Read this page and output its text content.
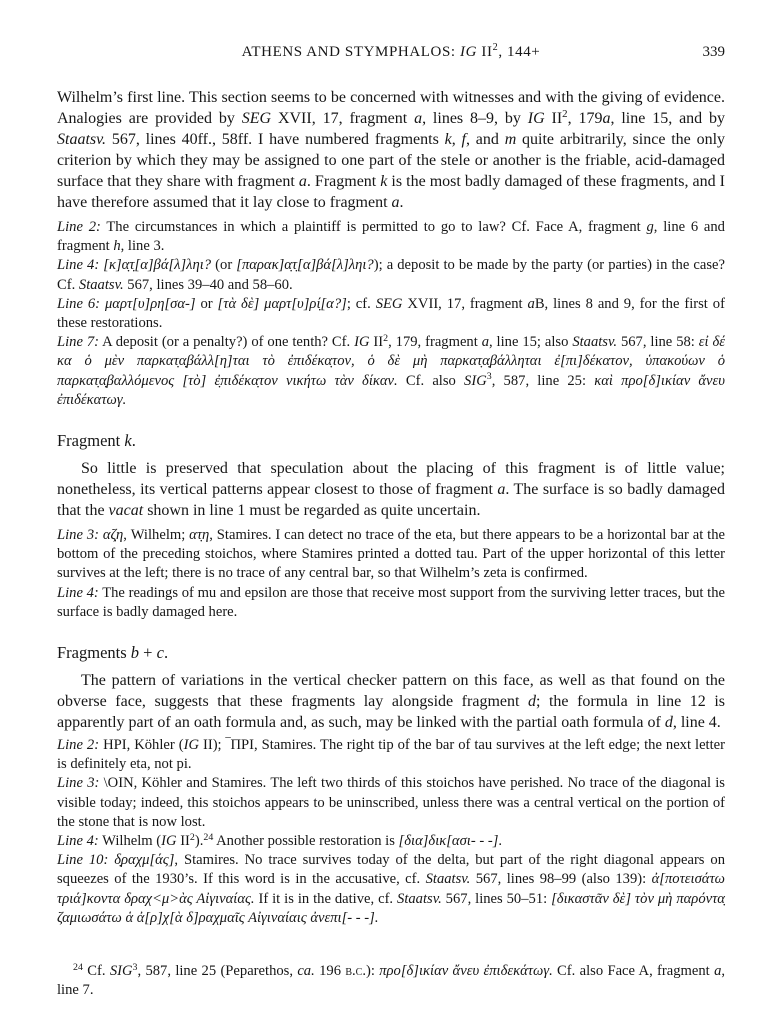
ATHENS AND STYMPHALOS: IG $II^2$, 144+	339

Wilhelm’s first line. This section seems to be concerned with witnesses and with the giving of evidence. Analogies are provided by SEG XVII, 17, fragment a, lines 8–9, by IG $II^2$, 179a, line 15, and by Staatsv. 567, lines 40ff., 58ff. I have numbered fragments k, f, and m quite arbitrarily, since the only criterion by which they may be assigned to one part of the stele or another is the friable, acid-damaged surface that they share with fragment a. Fragment k is the most badly damaged of these fragments, and I have therefore assumed that it lay close to fragment a.

Line 2: The circumstances in which a plaintiff is permitted to go to law? Cf. Face A, fragment g, line 6 and fragment h, line 3.

Line 4: [κ]α̣τ̣[α]βά[λ]ληι? (or [παρακ]α̣τ̣[α]βά[λ]ληι?); a deposit to be made by the party (or parties) in the case? Cf. Staatsv. 567, lines 39–40 and 58–60.

Line 6: μαρτ[υ]ρη[σα-] or [τὰ δὲ] μαρτ[υ]ρί̣[α?]; cf. SEG XVII, 17, fragment aB, lines 8 and 9, for the first of these restorations.

Line 7: A deposit (or a penalty?) of one tenth? Cf. IG $II^2$, 179, fragment a, line 15; also Staatsv. 567, line 58: εἰ δέ κα ὁ μὲν παρκατ̣α̣βάλλ[η]ται τὸ ἐπιδέκα̣τον, ὁ δὲ μὴ παρκατ̣α̣βάλληται ἐ[πι]δέκατον, ὑπακούων ὁ παρκατ̣α̣βαλλόμενος [τὸ] ἐ̣πιδέκα̣τον νικήτω τὰν δίκαν. Cf. also SIG$^3$, 587, line 25: καὶ προ[δ]ικίαν ἄνευ ἐπιδέκατωγ.

Fragment k.

So little is preserved that speculation about the placing of this fragment is of little value; nonetheless, its vertical patterns appear closest to those of fragment a. The surface is so badly damaged that the vacat shown in line 1 must be regarded as quite uncertain.

Line 3: αζ̣η, Wilhelm; ατ̣η, Stamires. I can detect no trace of the eta, but there appears to be a horizontal bar at the bottom of the preceding stoichos, where Stamires printed a dotted tau. Part of the upper horizontal of this letter survives at the left; there is no trace of any central bar, so that Wilhelm’s zeta is confirmed.

Line 4: The readings of mu and epsilon are those that receive most support from the surviving letter traces, but the surface is badly damaged here.

Fragments b + c.

The pattern of variations in the vertical checker pattern on this face, as well as that found on the obverse face, suggests that these fragments lay alongside fragment d; the formula in line 12 is apparently part of an oath formula and, as such, may be linked with the partial oath formula of d, line 4.

Line 2: ΗΡΙ, Köhler (IG II); ‾ΠΡΙ, Stamires. The right tip of the bar of tau survives at the left edge; the next letter is definitely eta, not pi.

Line 3: \ΟΙΝ, Köhler and Stamires. The left two thirds of this stoichos have perished. No trace of the diagonal is visible today; indeed, this stoichos appears to be uninscribed, unless there was a central vertical on the portion of the stone that is now lost.

Line 4: Wilhelm (IG $II^2).^{24}$ Another possible restoration is [δια]δικ[ασι- - -].

Line 10: δ̣ραχμ[άς], Stamires. No trace survives today of the delta, but part of the right diagonal appears on squeezes of the 1930’s. If this word is in the accusative, cf. Staatsv. 567, lines 98–99 (also 139): ἀ[ποτεισάτω τριά]κοντα δραχ<μ>ὰς Αἰγιναίας. If it is in the dative, cf. Staatsv. 567, lines 50–51: [δικαστᾶν δὲ] τὸν μὴ παρόντα̣ ζαμιωσάτω ἁ ἀ[ρ]χ[ὰ δ]ραχμαῖς Αἰγιναίαις ἀνεπι[- - -].

$^{24}$ Cf. SIG$^3$, 587, line 25 (Peparethos, ca. 196 b.c.): προ[δ]ικίαν ἄνευ ἐπιδεκάτωγ. Cf. also Face A, fragment a, line 7.
